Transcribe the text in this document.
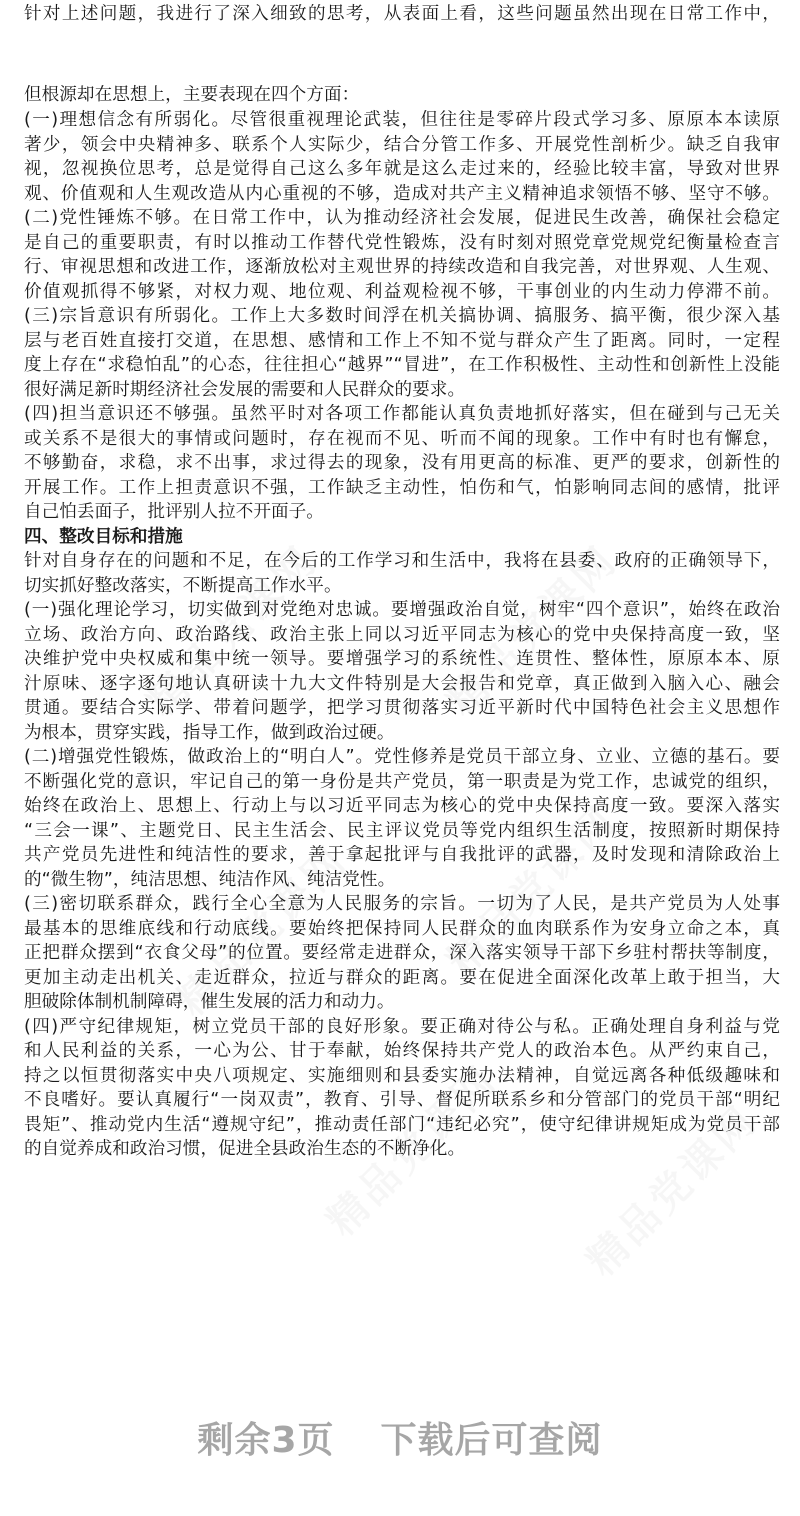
针对上述问题，我进行了深入细致的思考，从表面上看，这些问题虽然出现在日常工作中，
但根源却在思想上，主要表现在四个方面：
(一)理想信念有所弱化。尽管很重视理论武装，但往往是零碎片段式学习多、原原本本读原
著少，领会中央精神多、联系个人实际少，结合分管工作多、开展党性剖析少。缺乏自我审
视，忽视换位思考，总是觉得自己这么多年就是这么走过来的，经验比较丰富，导致对世界
观、价值观和人生观改造从内心重视的不够，造成对共产主义精神追求领悟不够、坚守不够。
(二)党性锤炼不够。在日常工作中，认为推动经济社会发展，促进民生改善，确保社会稳定
是自己的重要职责，有时以推动工作替代党性锻炼，没有时刻对照党章党规党纪衡量检查言
行、审视思想和改进工作，逐渐放松对主观世界的持续改造和自我完善，对世界观、人生观、
价值观抓得不够紧，对权力观、地位观、利益观检视不够，干事创业的内生动力停滞不前。
(三)宗旨意识有所弱化。工作上大多数时间浮在机关搞协调、搞服务、搞平衡，很少深入基
层与老百姓直接打交道，在思想、感情和工作上不知不觉与群众产生了距离。同时，一定程
度上存在“求稳怕乱”的心态，往往担心“越界”“冒进”，在工作积极性、主动性和创新性上没能
很好满足新时期经济社会发展的需要和人民群众的要求。
(四)担当意识还不够强。虽然平时对各项工作都能认真负责地抓好落实，但在碰到与己无关
或关系不是很大的事情或问题时，存在视而不见、听而不闻的现象。工作中有时也有懈怠，
不够勤奋，求稳，求不出事，求过得去的现象，没有用更高的标准、更严的要求，创新性的
开展工作。工作上担责意识不强，工作缺乏主动性，怕伤和气，怕影响同志间的感情，批评
自己怕丢面子，批评别人拉不开面子。
四、整改目标和措施
针对自身存在的问题和不足，在今后的工作学习和生活中，我将在县委、政府的正确领导下，
切实抓好整改落实，不断提高工作水平。
(一)强化理论学习，切实做到对党绝对忠诚。要增强政治自觉，树牢“四个意识”，始终在政治
立场、政治方向、政治路线、政治主张上同以习近平同志为核心的党中央保持高度一致，坚
决维护党中央权威和集中统一领导。要增强学习的系统性、连贯性、整体性，原原本本、原
汁原味、逐字逐句地认真研读十九大文件特别是大会报告和党章，真正做到入脑入心、融会
贯通。要结合实际学、带着问题学，把学习贯彻落实习近平新时代中国特色社会主义思想作
为根本，贯穿实践，指导工作，做到政治过硬。
(二)增强党性锻炼，做政治上的“明白人”。党性修养是党员干部立身、立业、立德的基石。要
不断强化党的意识，牢记自己的第一身份是共产党员，第一职责是为党工作，忠诚党的组织，
始终在政治上、思想上、行动上与以习近平同志为核心的党中央保持高度一致。要深入落实
“三会一课”、主题党日、民主生活会、民主评议党员等党内组织生活制度，按照新时期保持
共产党员先进性和纯洁性的要求，善于拿起批评与自我批评的武器，及时发现和清除政治上
的“微生物”，纯洁思想、纯洁作风、纯洁党性。
(三)密切联系群众，践行全心全意为人民服务的宗旨。一切为了人民，是共产党员为人处事
最基本的思维底线和行动底线。要始终把保持同人民群众的血肉联系作为安身立命之本，真
正把群众摆到“衣食父母”的位置。要经常走进群众，深入落实领导干部下乡驻村帮扶等制度，
更加主动走出机关、走近群众，拉近与群众的距离。要在促进全面深化改革上敢于担当，大
胆破除体制机制障碍，催生发展的活力和动力。
(四)严守纪律规矩，树立党员干部的良好形象。要正确对待公与私。正确处理自身利益与党
和人民利益的关系，一心为公、甘于奉献，始终保持共产党人的政治本色。从严约束自己，
持之以恒贯彻落实中央八项规定、实施细则和县委实施办法精神，自觉远离各种低级趣味和
不良嗜好。要认真履行“一岗双责”，教育、引导、督促所联系乡和分管部门的党员干部“明纪
畏矩”、推动党内生活“遵规守纪”，推动责任部门“违纪必究”，使守纪律讲规矩成为党员干部
的自觉养成和政治习惯，促进全县政治生态的不断净化。
剩余3页 下载后可查阅
